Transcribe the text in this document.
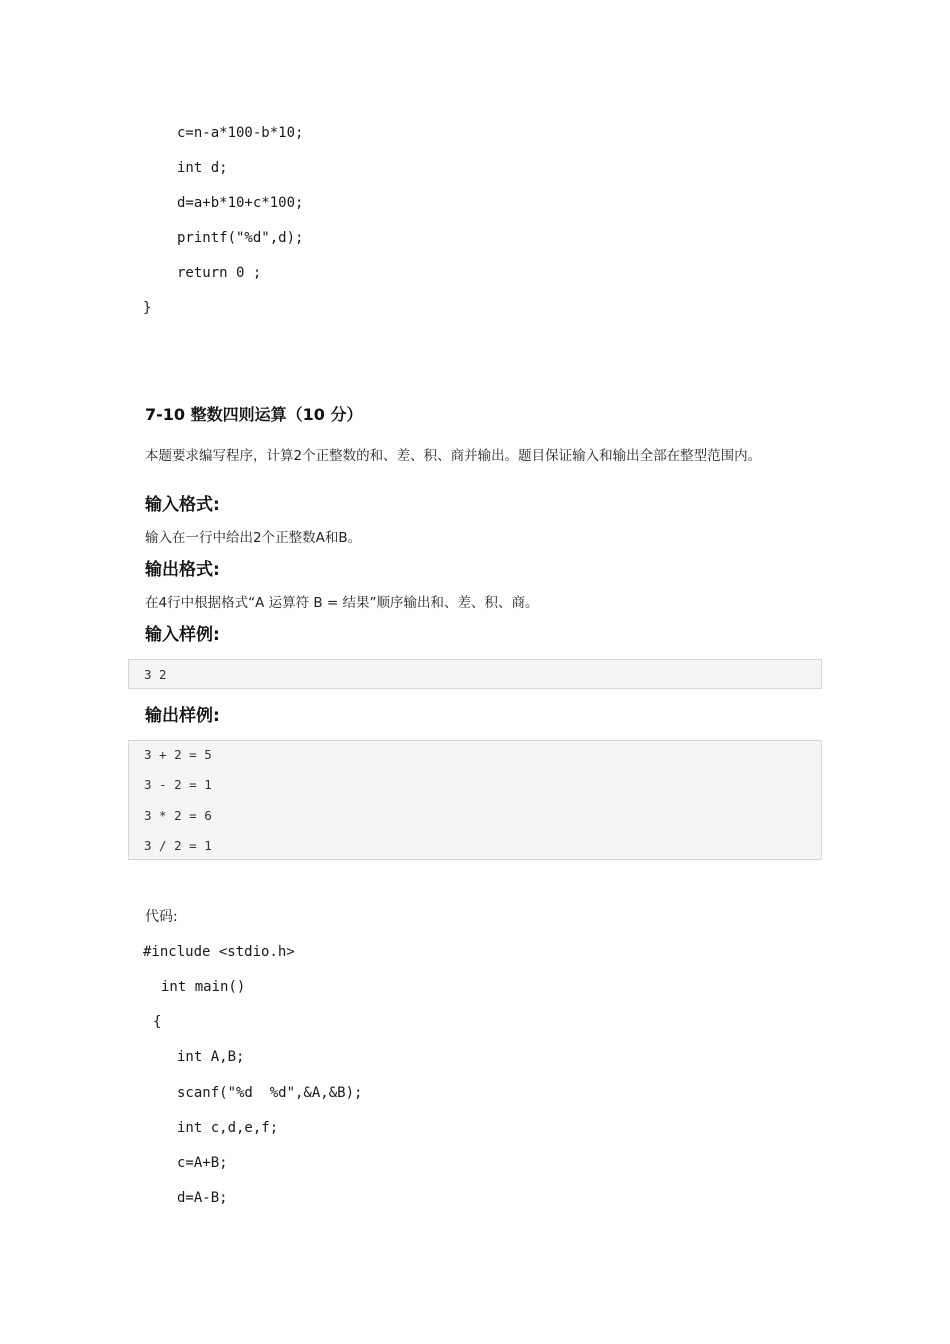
c=n-a*100-b*10;
int d;
d=a+b*10+c*100;
printf("%d",d);
return 0 ;
}
7-10 整数四则运算（10 分）
本题要求编写程序，计算2个正整数的和、差、积、商并输出。题目保证输入和输出全部在整型范围内。
输入格式:
输入在一行中给出2个正整数A和B。
输出格式:
在4行中根据格式“A 运算符 B = 结果”顺序输出和、差、积、商。
输入样例:
3 2
输出样例:
3 + 2 = 5
3 - 2 = 1
3 * 2 = 6
3 / 2 = 1
代码:
#include <stdio.h>
int main()
{
int A,B;
scanf("%d  %d",&A,&B);
int c,d,e,f;
c=A+B;
d=A-B;
